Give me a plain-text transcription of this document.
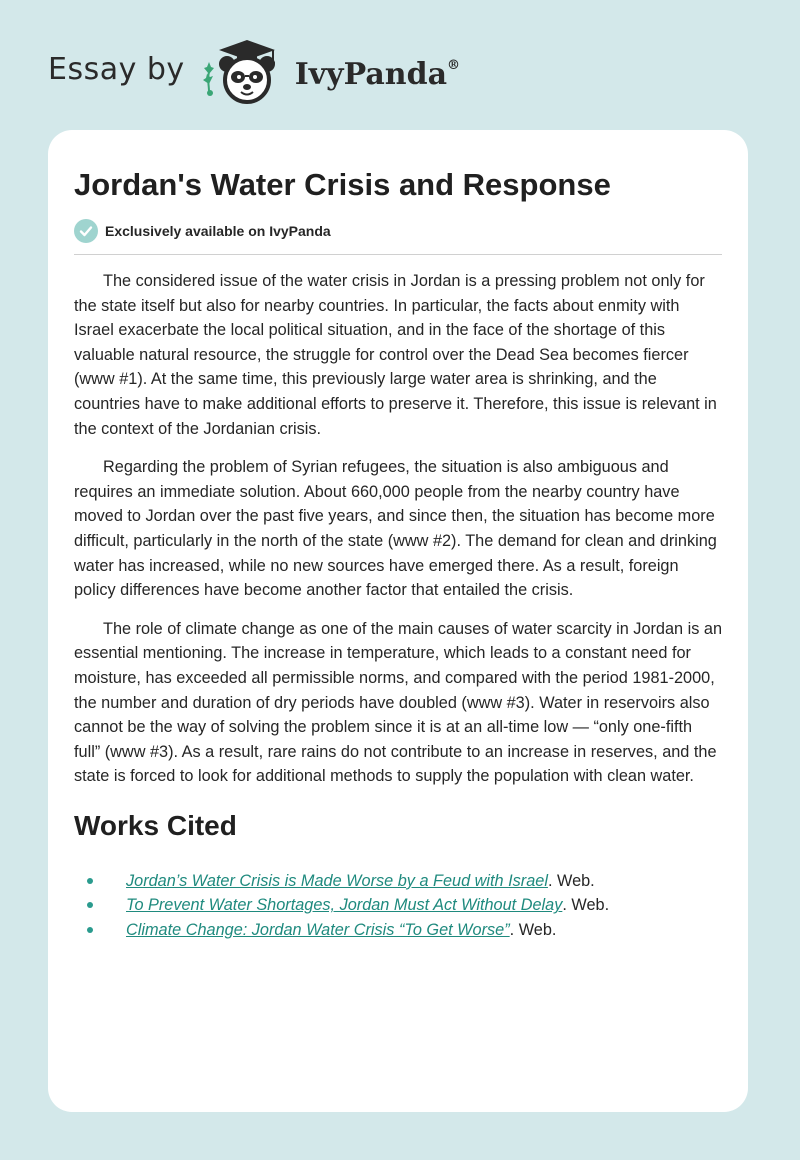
Essay by	IvyPanda®
Jordan's Water Crisis and Response
Exclusively available on IvyPanda

The considered issue of the water crisis in Jordan is a pressing problem not only for the state itself but also for nearby countries. In particular, the facts about enmity with Israel exacerbate the local political situation, and in the face of the shortage of this valuable natural resource, the struggle for control over the Dead Sea becomes fiercer (www #1). At the same time, this previously large water area is shrinking, and the countries have to make additional efforts to preserve it. Therefore, this issue is relevant in the context of the Jordanian crisis.

Regarding the problem of Syrian refugees, the situation is also ambiguous and requires an immediate solution. About 660,000 people from the nearby country have moved to Jordan over the past five years, and since then, the situation has become more difficult, particularly in the north of the state (www #2). The demand for clean and drinking water has increased, while no new sources have emerged there. As a result, foreign policy differences have become another factor that entailed the crisis.

The role of climate change as one of the main causes of water scarcity in Jordan is an essential mentioning. The increase in temperature, which leads to a constant need for moisture, has exceeded all permissible norms, and compared with the period 1981-2000, the number and duration of dry periods have doubled (www #3). Water in reservoirs also cannot be the way of solving the problem since it is at an all-time low — “only one-fifth full” (www #3). As a result, rare rains do not contribute to an increase in reserves, and the state is forced to look for additional methods to supply the population with clean water.

Works Cited
Jordan’s Water Crisis is Made Worse by a Feud with Israel. Web.
To Prevent Water Shortages, Jordan Must Act Without Delay. Web.
Climate Change: Jordan Water Crisis “To Get Worse”. Web.
